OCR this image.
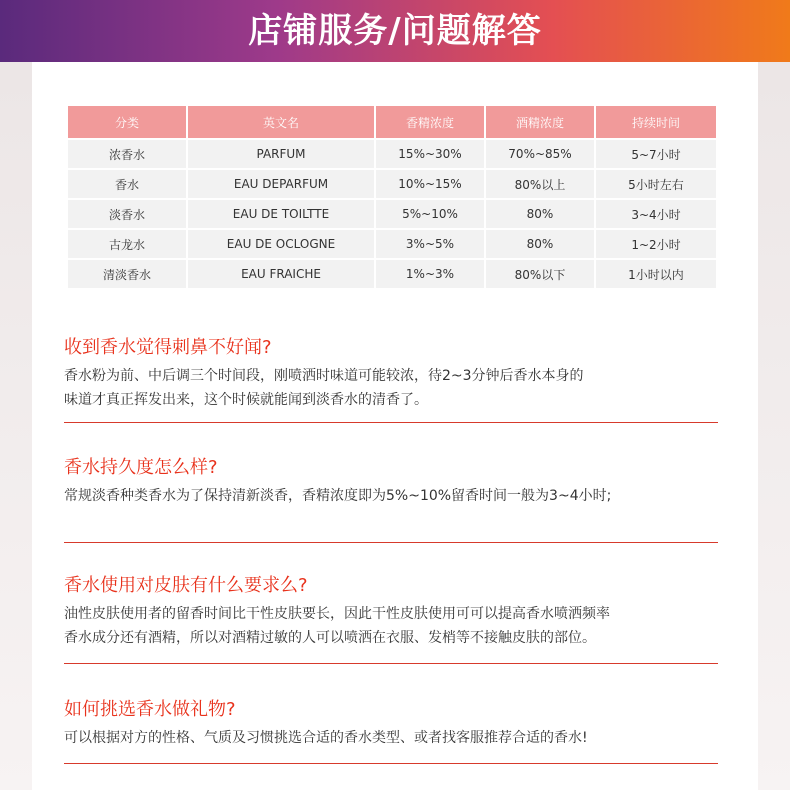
店铺服务/问题解答
分类	英文名	香精浓度	酒精浓度	持续时间
浓香水	PARFUM	15%~30%	70%~85%	5~7小时
香水	EAU DEPARFUM	10%~15%	80%以上	5小时左右
淡香水	EAU DE TOILTTE	5%~10%	80%	3~4小时
古龙水	EAU DE OCLOGNE	3%~5%	80%	1~2小时
清淡香水	EAU FRAICHE	1%~3%	80%以下	1小时以内
收到香水觉得刺鼻不好闻?
香水粉为前、中后调三个时间段，刚喷洒时味道可能较浓，待2~3分钟后香水本身的
味道才真正挥发出来，这个时候就能闻到淡香水的清香了。
香水持久度怎么样?
常规淡香种类香水为了保持清新淡香，香精浓度即为5%~10%留香时间一般为3~4小时;
香水使用对皮肤有什么要求么?
油性皮肤使用者的留香时间比干性皮肤要长，因此干性皮肤使用可可以提高香水喷洒频率
香水成分还有酒精，所以对酒精过敏的人可以喷洒在衣服、发梢等不接触皮肤的部位。
如何挑选香水做礼物?
可以根据对方的性格、气质及习惯挑选合适的香水类型、或者找客服推荐合适的香水!
